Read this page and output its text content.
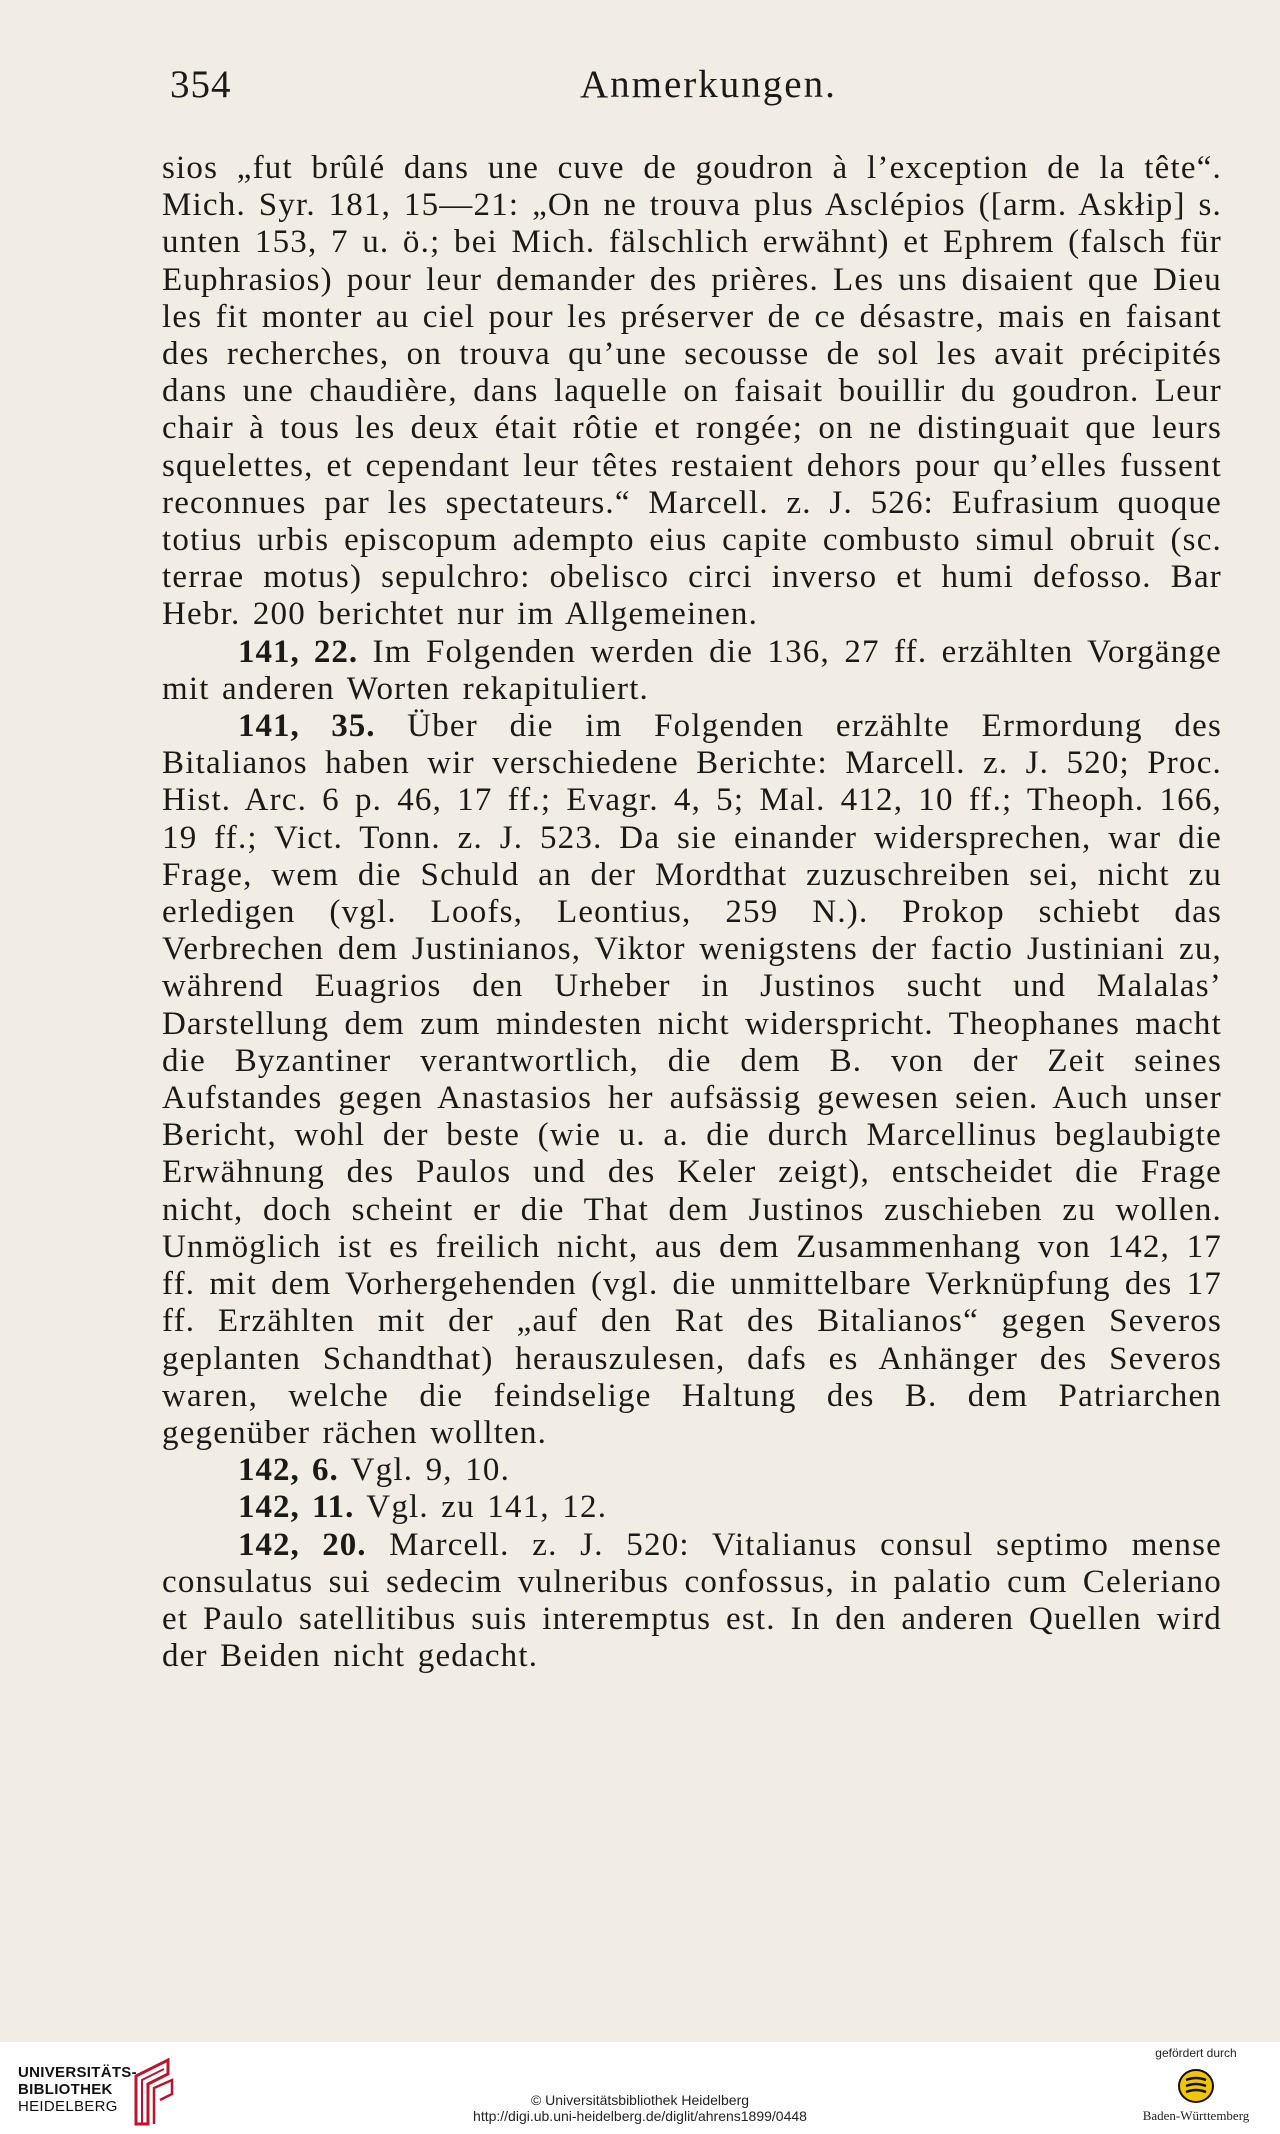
354	Anmerkungen.

sios „fut brûlé dans une cuve de goudron à l’exception de la tête“. Mich. Syr. 181, 15—21: „On ne trouva plus Asclépios ([arm. Askłip] s. unten 153, 7 u. ö.; bei Mich. fälschlich erwähnt) et Ephrem (falsch für Euphrasios) pour leur demander des prières. Les uns disaient que Dieu les fit monter au ciel pour les préserver de ce désastre, mais en faisant des recherches, on trouva qu’une secousse de sol les avait précipités dans une chaudière, dans laquelle on faisait bouillir du goudron. Leur chair à tous les deux était rôtie et rongée; on ne distinguait que leurs squelettes, et cependant leur têtes restaient dehors pour qu’elles fussent reconnues par les spectateurs.“ Marcell. z. J. 526: Eufrasium quoque totius urbis episcopum adempto eius capite combusto simul obruit (sc. terrae motus) sepulchro: obelisco circi inverso et humi defosso. Bar Hebr. 200 berichtet nur im Allgemeinen.

141, 22. Im Folgenden werden die 136, 27 ff. erzählten Vorgänge mit anderen Worten rekapituliert.

141, 35. Über die im Folgenden erzählte Ermordung des Bitalianos haben wir verschiedene Berichte: Marcell. z. J. 520; Proc. Hist. Arc. 6 p. 46, 17 ff.; Evagr. 4, 5; Mal. 412, 10 ff.; Theoph. 166, 19 ff.; Vict. Tonn. z. J. 523. Da sie einander widersprechen, war die Frage, wem die Schuld an der Mordthat zuzuschreiben sei, nicht zu erledigen (vgl. Loofs, Leontius, 259 N.). Prokop schiebt das Verbrechen dem Justinianos, Viktor wenigstens der factio Justiniani zu, während Euagrios den Urheber in Justinos sucht und Malalas’ Darstellung dem zum mindesten nicht widerspricht. Theophanes macht die Byzantiner verantwortlich, die dem B. von der Zeit seines Aufstandes gegen Anastasios her aufsässig gewesen seien. Auch unser Bericht, wohl der beste (wie u. a. die durch Marcellinus beglaubigte Erwähnung des Paulos und des Keler zeigt), entscheidet die Frage nicht, doch scheint er die That dem Justinos zuschieben zu wollen. Unmöglich ist es freilich nicht, aus dem Zusammenhang von 142, 17 ff. mit dem Vorhergehenden (vgl. die unmittelbare Verknüpfung des 17 ff. Erzählten mit der „auf den Rat des Bitalianos“ gegen Severos geplanten Schandthat) herauszulesen, dafs es Anhänger des Severos waren, welche die feindselige Haltung des B. dem Patriarchen gegenüber rächen wollten.

142, 6. Vgl. 9, 10.

142, 11. Vgl. zu 141, 12.

142, 20. Marcell. z. J. 520: Vitalianus consul septimo mense consulatus sui sedecim vulneribus confossus, in palatio cum Celeriano et Paulo satellitibus suis interemptus est. In den anderen Quellen wird der Beiden nicht gedacht.

UNIVERSITÄTS-
BIBLIOTHEK
HEIDELBERG	© Universitätsbibliothek Heidelberg
http://digi.ub.uni-heidelberg.de/diglit/ahrens1899/0448
gefördert durch
Baden-Württemberg
